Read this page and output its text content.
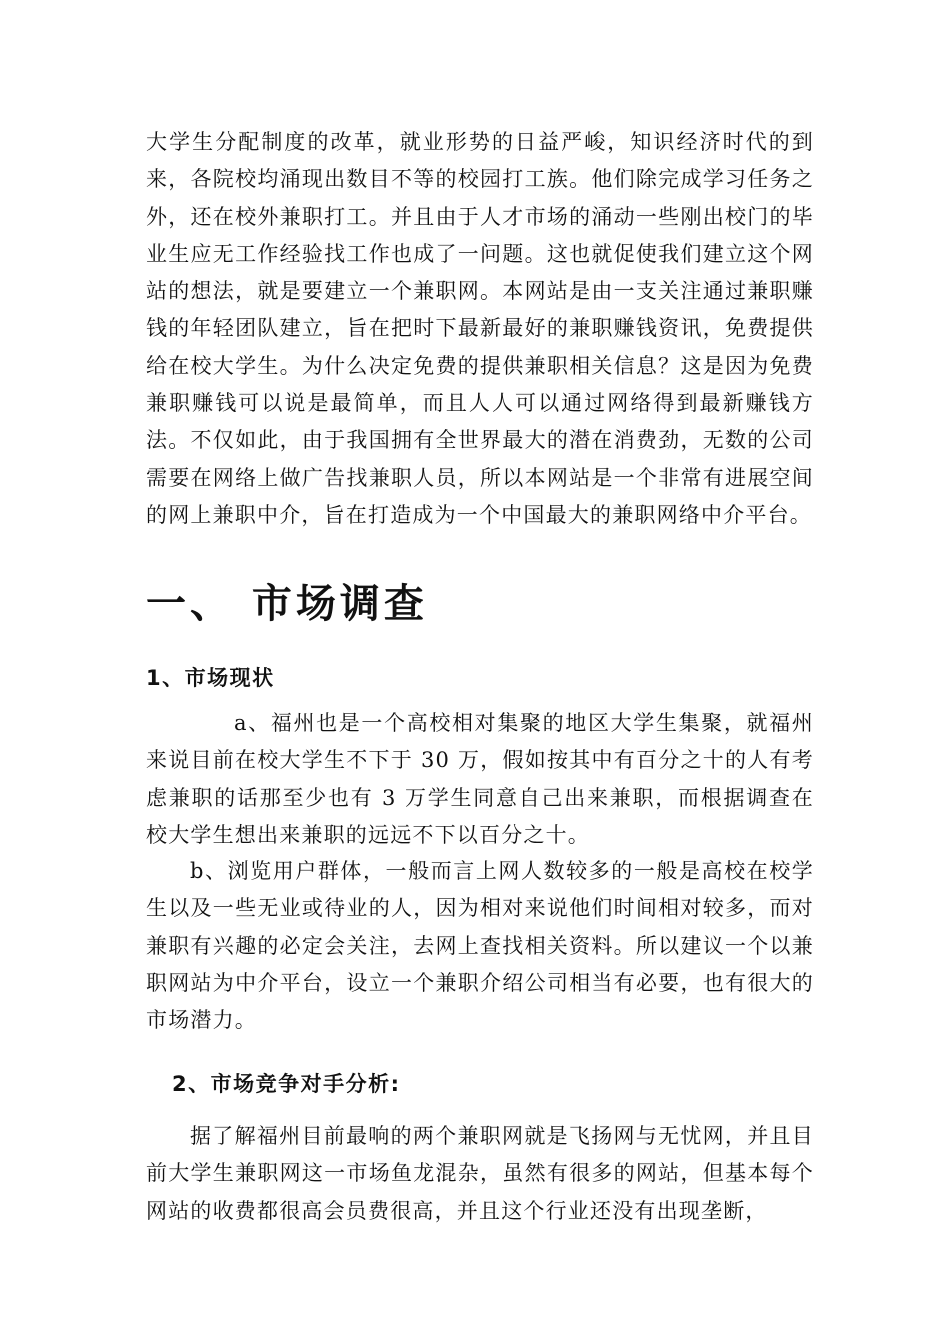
大学生分配制度的改革，就业形势的日益严峻，知识经济时代的到来，各院校均涌现出数目不等的校园打工族。他们除完成学习任务之外，还在校外兼职打工。并且由于人才市场的涌动一些刚出校门的毕业生应无工作经验找工作也成了一问题。这也就促使我们建立这个网站的想法，就是要建立一个兼职网。本网站是由一支关注通过兼职赚钱的年轻团队建立，旨在把时下最新最好的兼职赚钱资讯，免费提供给在校大学生。为什么决定免费的提供兼职相关信息？这是因为免费兼职赚钱可以说是最简单，而且人人可以通过网络得到最新赚钱方法。不仅如此，由于我国拥有全世界最大的潜在消费劲，无数的公司需要在网络上做广告找兼职人员，所以本网站是一个非常有进展空间的网上兼职中介，旨在打造成为一个中国最大的兼职网络中介平台。

一、 市场调查
1、市场现状

a、福州也是一个高校相对集聚的地区大学生集聚，就福州来说目前在校大学生不下于 30 万，假如按其中有百分之十的人有考虑兼职的话那至少也有 3 万学生同意自己出来兼职，而根据调查在校大学生想出来兼职的远远不下以百分之十。

b、浏览用户群体，一般而言上网人数较多的一般是高校在校学生以及一些无业或待业的人，因为相对来说他们时间相对较多，而对兼职有兴趣的必定会关注，去网上查找相关资料。所以建议一个以兼职网站为中介平台，设立一个兼职介绍公司相当有必要，也有很大的市场潜力。

2、市场竞争对手分析:

据了解福州目前最响的两个兼职网就是飞扬网与无忧网，并且目前大学生兼职网这一市场鱼龙混杂，虽然有很多的网站，但基本每个网站的收费都很高会员费很高，并且这个行业还没有出现垄断，
